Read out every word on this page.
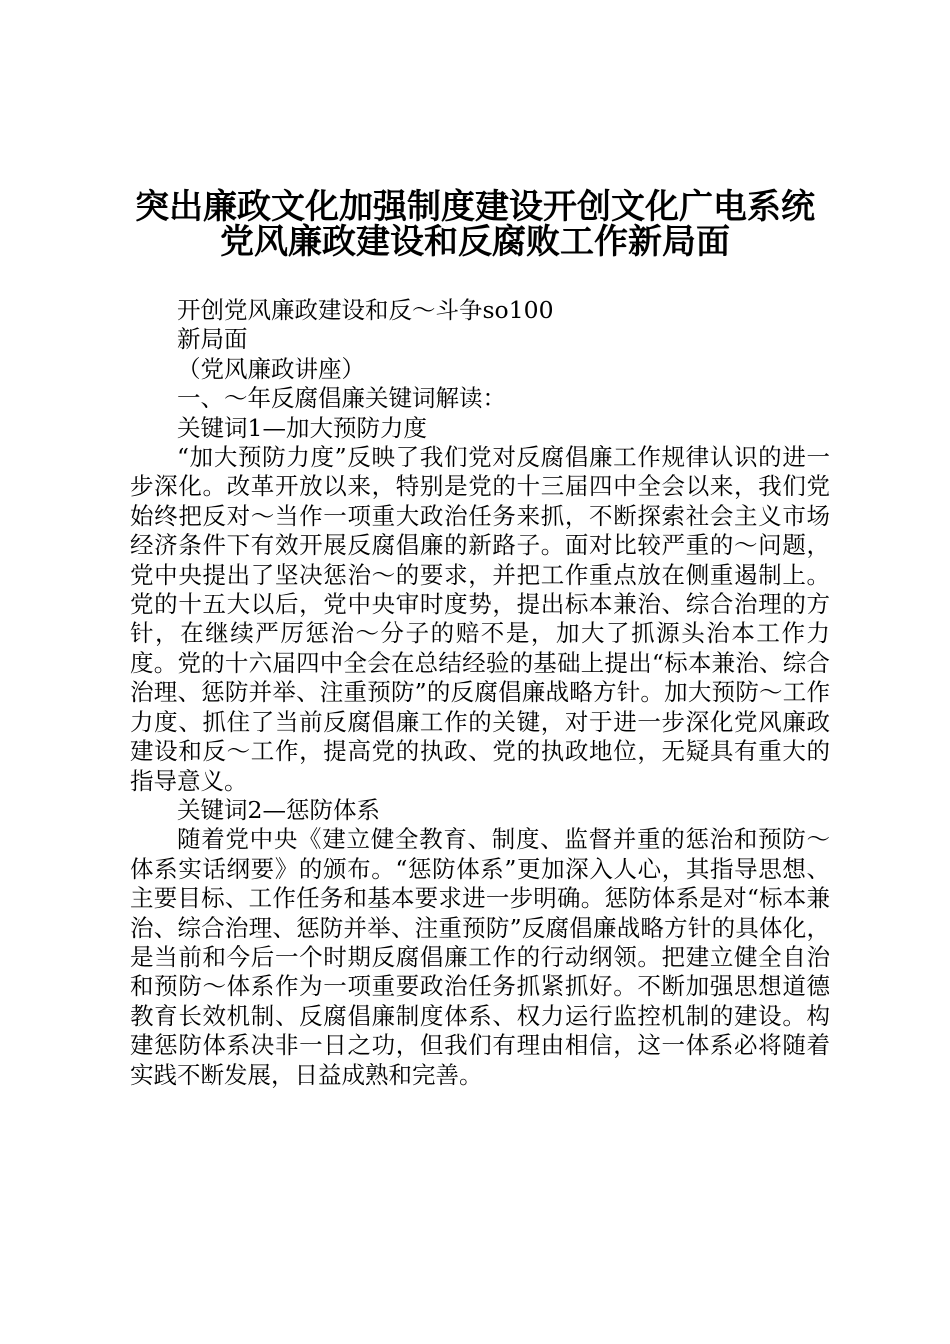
突出廉政文化加强制度建设开创文化广电系统
党风廉政建设和反腐败工作新局面

开创党风廉政建设和反～斗争so100

新局面

（党风廉政讲座）

一、～年反腐倡廉关键词解读：

关键词1—加大预防力度

“加大预防力度”反映了我们党对反腐倡廉工作规律认识的进一步深化。改革开放以来，特别是党的十三届四中全会以来，我们党始终把反对～当作一项重大政治任务来抓，不断探索社会主义市场经济条件下有效开展反腐倡廉的新路子。面对比较严重的～问题，党中央提出了坚决惩治～的要求，并把工作重点放在侧重遏制上。党的十五大以后，党中央审时度势，提出标本兼治、综合治理的方针，在继续严厉惩治～分子的赔不是，加大了抓源头治本工作力度。党的十六届四中全会在总结经验的基础上提出“标本兼治、综合治理、惩防并举、注重预防”的反腐倡廉战略方针。加大预防～工作力度、抓住了当前反腐倡廉工作的关键，对于进一步深化党风廉政建设和反～工作，提高党的执政、党的执政地位，无疑具有重大的指导意义。

关键词2—惩防体系

随着党中央《建立健全教育、制度、监督并重的惩治和预防～体系实话纲要》的颁布。“惩防体系”更加深入人心，其指导思想、主要目标、工作任务和基本要求进一步明确。惩防体系是对“标本兼治、综合治理、惩防并举、注重预防”反腐倡廉战略方针的具体化，是当前和今后一个时期反腐倡廉工作的行动纲领。把建立健全自治和预防～体系作为一项重要政治任务抓紧抓好。不断加强思想道德教育长效机制、反腐倡廉制度体系、权力运行监控机制的建设。构建惩防体系决非一日之功，但我们有理由相信，这一体系必将随着实践不断发展，日益成熟和完善。
